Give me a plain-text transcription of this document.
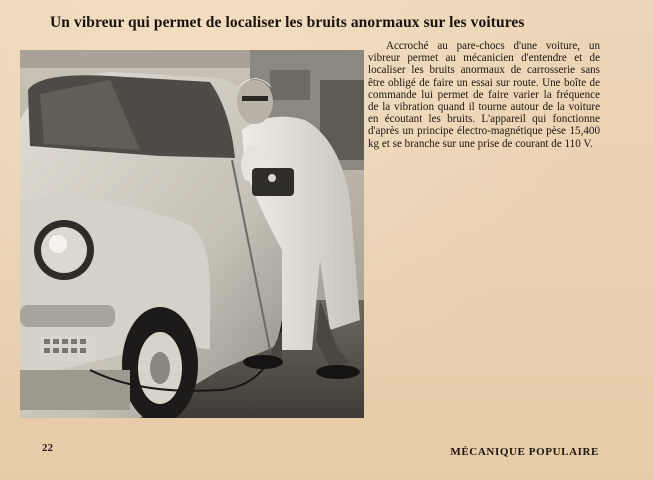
Un vibreur qui permet de localiser les bruits anormaux sur les voitures
Accroché au pare-chocs d'une voiture, un vibreur permet au mécanicien d'entendre et de localiser les bruits anormaux de carrosserie sans être obligé de faire un essai sur route. Une boîte de commande lui permet de faire varier la fréquence de la vibration quand il tourne autour de la voiture en écoutant les bruits. L'appareil qui fonctionne d'après un principe électro-magnétique pèse 15,400 kg et se branche sur une prise de courant de 110 V.
22	MÉCANIQUE POPULAIRE
